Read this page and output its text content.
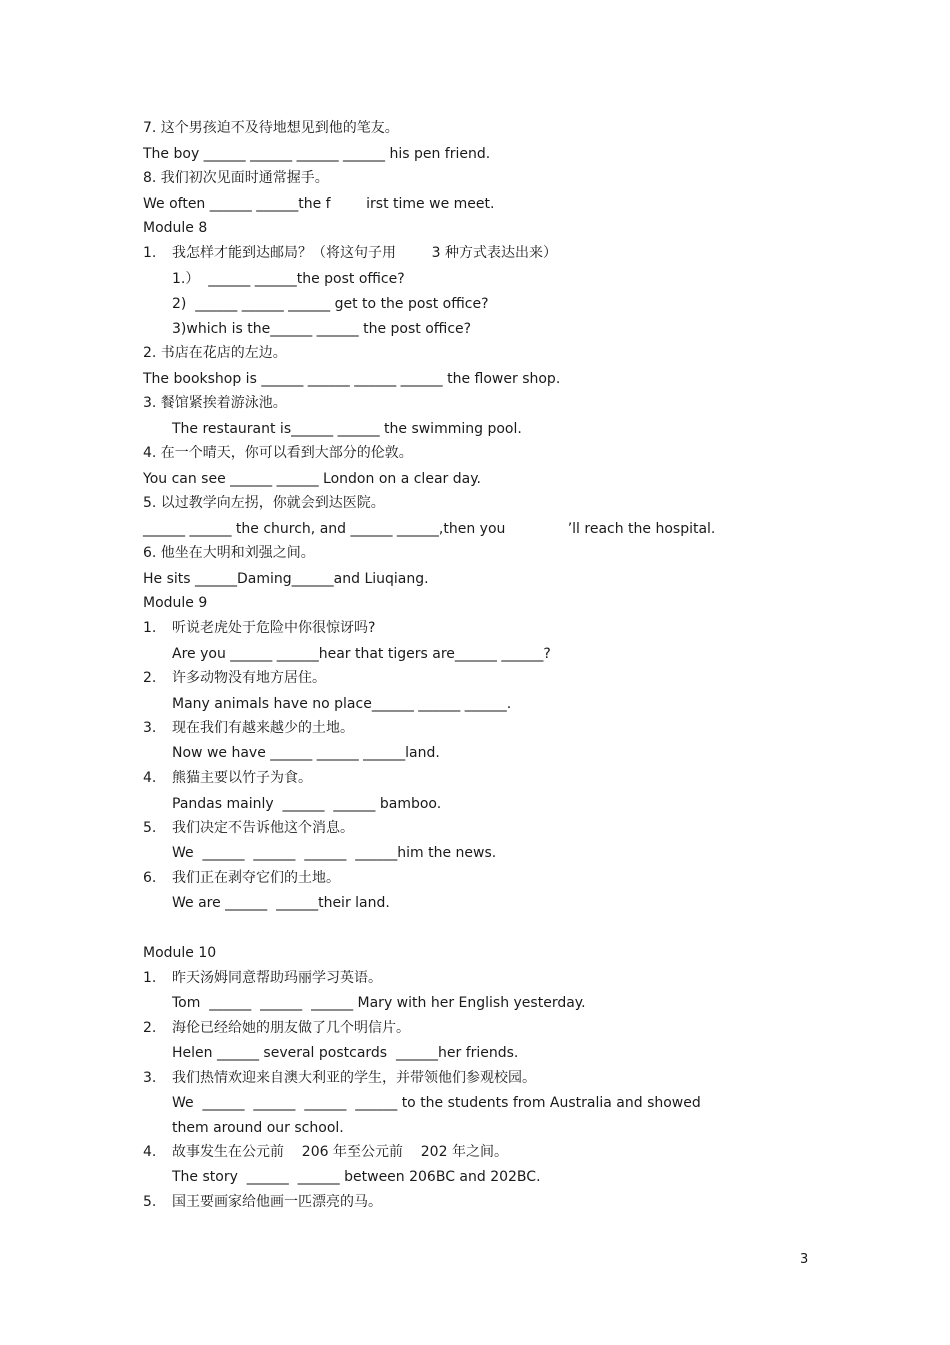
7. 这个男孩迫不及待地想见到他的笔友。
The boy ______ ______ ______ ______ his pen friend.
8. 我们初次见面时通常握手。
We often ______ ______the f        irst time we meet.
Module 8
1. 我怎样才能到达邮局？（将这句子用        3 种方式表达出来）
1.）  ______ ______the post office?
2)  ______ ______ ______ get to the post office?
3)which is the______ ______ the post office?
2. 书店在花店的左边。
The bookshop is ______ ______ ______ ______ the flower shop.
3. 餐馆紧挨着游泳池。
The restaurant is______ ______ the swimming pool.
4. 在一个晴天，你可以看到大部分的伦敦。
You can see ______ ______ London on a clear day.
5. 以过教学向左拐，你就会到达医院。
______ ______ the church, and ______ ______,then you              ’ll reach the hospital.
6. 他坐在大明和刘强之间。
He sits ______Daming______and Liuqiang.
Module 9
1. 听说老虎处于危险中你很惊讶吗?
Are you ______ ______hear that tigers are______ ______?
2. 许多动物没有地方居住。
Many animals have no place______ ______ ______.
3. 现在我们有越来越少的土地。
Now we have ______ ______ ______land.
4. 熊猫主要以竹子为食。
Pandas mainly  ______  ______ bamboo.
5. 我们决定不告诉他这个消息。
We  ______  ______  ______  ______him the news.
6. 我们正在剥夺它们的土地。
We are ______  ______their land.
Module 10
1. 昨天汤姆同意帮助玛丽学习英语。
Tom  ______  ______  ______ Mary with her English yesterday.
2. 海伦已经给她的朋友做了几个明信片。
Helen ______ several postcards  ______her friends.
3. 我们热情欢迎来自澳大利亚的学生，并带领他们参观校园。
We  ______  ______  ______  ______ to the students from Australia and showed
them around our school.
4. 故事发生在公元前    206 年至公元前    202 年之间。
The story  ______  ______ between 206BC and 202BC.
5. 国王要画家给他画一匹漂亮的马。
3
